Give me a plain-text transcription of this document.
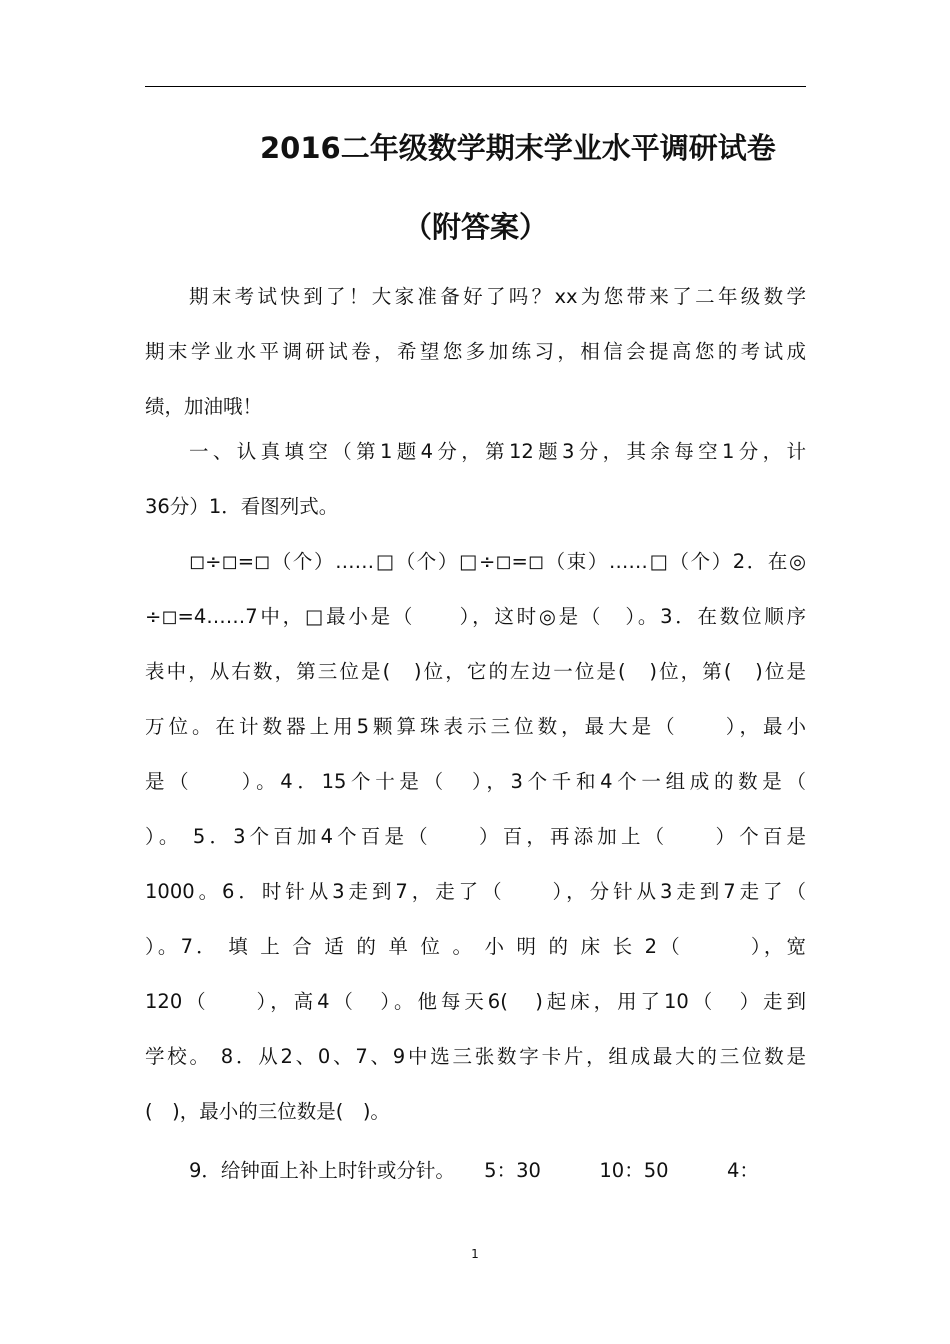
2016二年级数学期末学业水平调研试卷
（附答案）
期末考试快到了！大家准备好了吗？xx为您带来了二年级数学
期末学业水平调研试卷，希望您多加练习，相信会提高您的考试成
绩，加油哦！
一、认真填空（第1题4分，第12题3分，其余每空1分，计
36分）1．看图列式。
◻÷◻=◻（个）……□（个）□÷◻=◻（束）……□（个）2．在◎
÷◻=4……7中，□最小是（　　），这时◎是（　）。3．在数位顺序
表中，从右数，第三位是(　)位，它的左边一位是(　)位，第(　)位是
万位。在计数器上用5颗算珠表示三位数，最大是（　　），最小
是（　　）。4．15个十是（　），3个千和4个一组成的数是（
）。 5．3个百加4个百是（　　）百，再添加上（　　）个百是
1000。6．时针从3走到7，走了（　　），分针从3走到7走了（
）。7． 填 上 合 适 的 单 位 。 小 明 的 床 长 2（　　　），宽
120（　　），高4（　）。他每天6(　)起床，用了10（　）走到
学校。 8．从2、0、7、9中选三张数字卡片，组成最大的三位数是
(　)，最小的三位数是(　)。
9．给钟面上补上时针或分针。　　5：30　　　10：50　　　4：
1
